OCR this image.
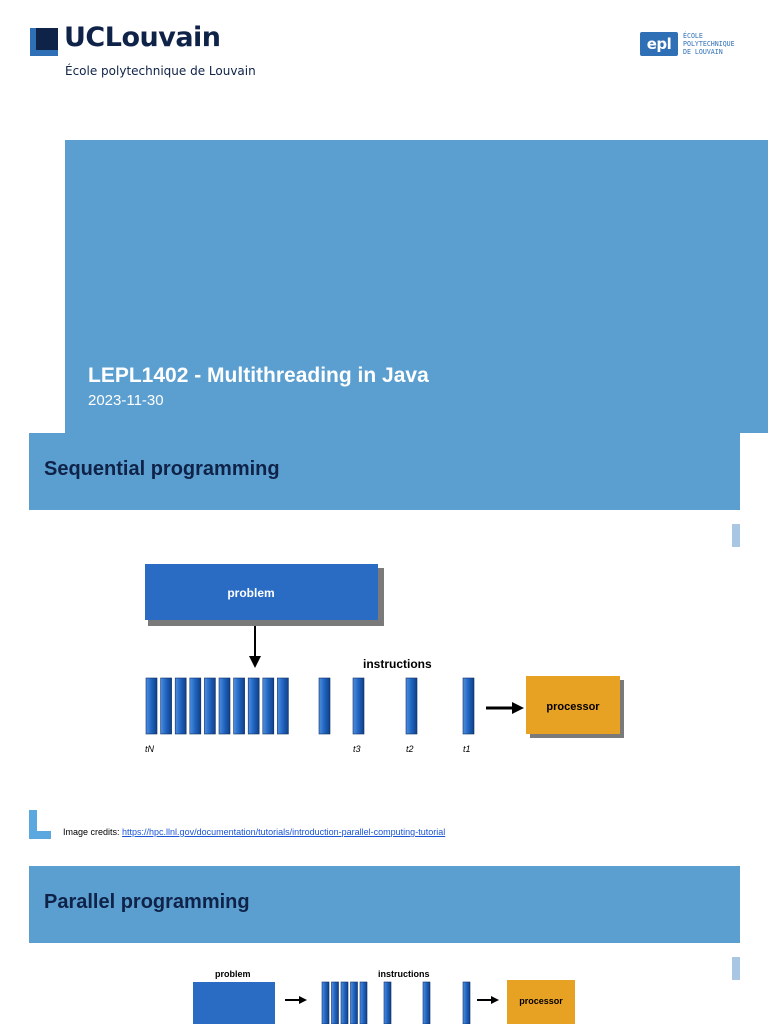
UCLouvain
École polytechnique de Louvain
epl	ÉCOLE
POLYTECHNIQUE
DE LOUVAIN
LEPL1402 - Multithreading in Java
2023-11-30
Sequential programming
problem
instructions
processor
tN	t3	t2	t1
Image credits: https://hpc.llnl.gov/documentation/tutorials/introduction-parallel-computing-tutorial
Parallel programming
problem	instructions
processor
